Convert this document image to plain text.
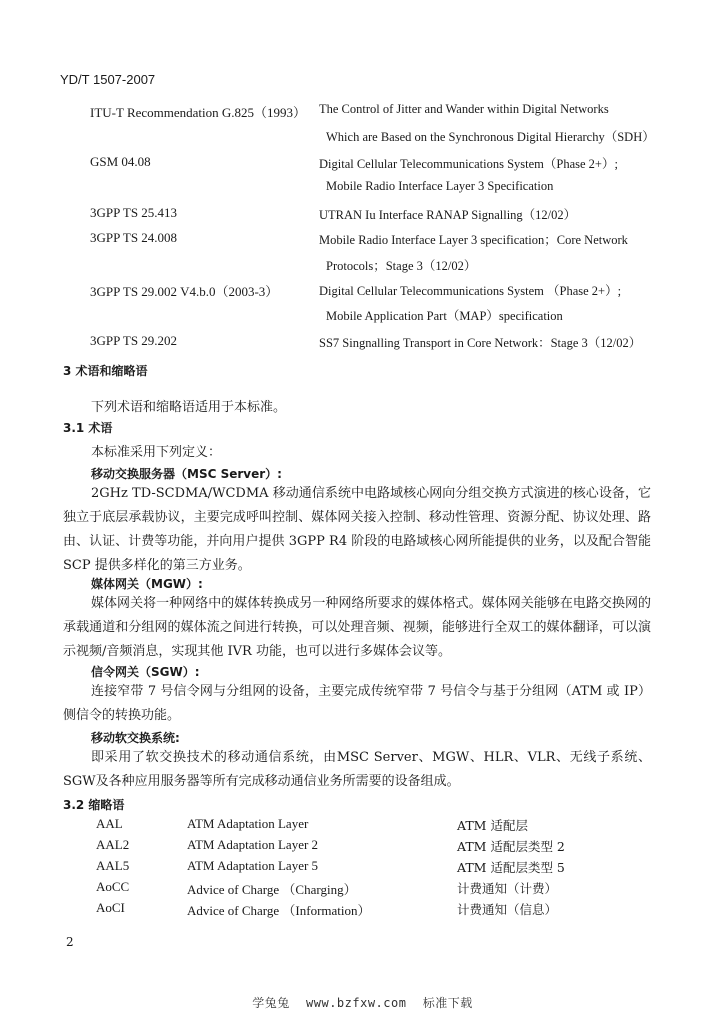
YD/T 1507-2007
ITU-T Recommendation G.825（1993） The Control of Jitter and Wander within Digital Networks
Which are Based on the Synchronous Digital Hierarchy（SDH）
GSM 04.08	Digital Cellular Telecommunications System（Phase 2+）;
Mobile Radio Interface Layer 3 Specification
3GPP TS 25.413	UTRAN Iu Interface RANAP Signalling（12/02）
3GPP TS 24.008	Mobile Radio Interface Layer 3 specification；Core Network
Protocols；Stage 3（12/02）
3GPP TS 29.002 V4.b.0（2003-3）	Digital Cellular Telecommunications System （Phase 2+）;
Mobile Application Part（MAP）specification
3GPP TS 29.202	SS7 Singnalling Transport in Core Network：Stage 3（12/02）
3 术语和缩略语
下列术语和缩略语适用于本标准。
3.1 术语
本标准采用下列定义：
移动交换服务器（MSC Server）:
2GHz TD-SCDMA/WCDMA 移动通信系统中电路域核心网向分组交换方式演进的核心设备，它独立于底层承载协议，主要完成呼叫控制、媒体网关接入控制、移动性管理、资源分配、协议处理、路由、认证、计费等功能，并向用户提供 3GPP R4 阶段的电路域核心网所能提供的业务，以及配合智能 SCP 提供多样化的第三方业务。
媒体网关（MGW）:
媒体网关将一种网络中的媒体转换成另一种网络所要求的媒体格式。媒体网关能够在电路交换网的承载通道和分组网的媒体流之间进行转换，可以处理音频、视频，能够进行全双工的媒体翻译，可以演示视频/音频消息，实现其他 IVR 功能，也可以进行多媒体会议等。
信令网关（SGW）:
连接窄带 7 号信令网与分组网的设备，主要完成传统窄带 7 号信令与基于分组网（ATM 或 IP）侧信令的转换功能。
移动软交换系统:
即采用了软交换技术的移动通信系统，由MSC Server、MGW、HLR、VLR、无线子系统、SGW及各种应用服务器等所有完成移动通信业务所需要的设备组成。
3.2 缩略语
AAL	ATM Adaptation Layer	ATM 适配层
AAL2	ATM Adaptation Layer 2	ATM 适配层类型 2
AAL5	ATM Adaptation Layer 5	ATM 适配层类型 5
AoCC	Advice of Charge （Charging）	计费通知（计费）
AoCI	Advice of Charge （Information）	计费通知（信息）
2
学兔兔 www.bzfxw.com 标准下载
